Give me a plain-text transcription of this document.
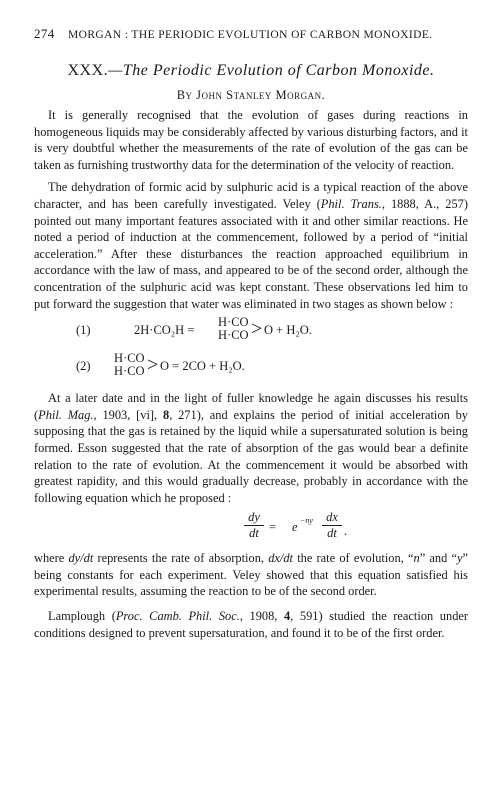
274 MORGAN : THE PERIODIC EVOLUTION OF CARBON MONOXIDE.
XXX.—The Periodic Evolution of Carbon Monoxide.
By John Stanley Morgan.

It is generally recognised that the evolution of gases during reactions in homogeneous liquids may be considerably affected by various disturbing factors, and it is very doubtful whether the measurements of the rate of evolution of the gas can be taken as furnishing trustworthy data for the determination of the velocity of reaction.

The dehydration of formic acid by sulphuric acid is a typical reaction of the above character, and has been carefully investigated. Veley (Phil. Trans., 1888, A., 257) pointed out many important features associated with it and other similar reactions. He noted a period of induction at the commencement, followed by a period of “initial acceleration.” After these disturbances the reaction approached equilibrium in accordance with the law of mass, and appeared to be of the second order, although the concentration of the sulphuric acid was kept constant. These observations led him to put forward the suggestion that water was eliminated in two stages as shown below :

(1)	2H·CO₂H =
H·CO
H·CO > O + H₂O.
(2)
H·CO
H·CO > O = 2CO + H₂O.

At a later date and in the light of fuller knowledge he again discusses his results (Phil. Mag., 1903, [vi], 8, 271), and explains the period of initial acceleration by supposing that the gas is retained by the liquid while a supersaturated solution is being formed. Esson suggested that the rate of absorption of the gas would bear a definite relation to the rate of evolution. At the commencement it would be absorbed with greatest rapidity, and this would gradually decrease, probably in accordance with the following equation which he proposed :

$\frac{dy}{dt} = e -ny \frac{dx}{dt}$ .

where dy/dt represents the rate of absorption, dx/dt the rate of evolution, “n” and “y” being constants for each experiment. Veley showed that this equation satisfied his experimental results, assuming the reaction to be of the second order.

Lamplough (Proc. Camb. Phil. Soc., 1908, 4, 591) studied the reaction under conditions designed to prevent supersaturation, and found it to be of the first order.
